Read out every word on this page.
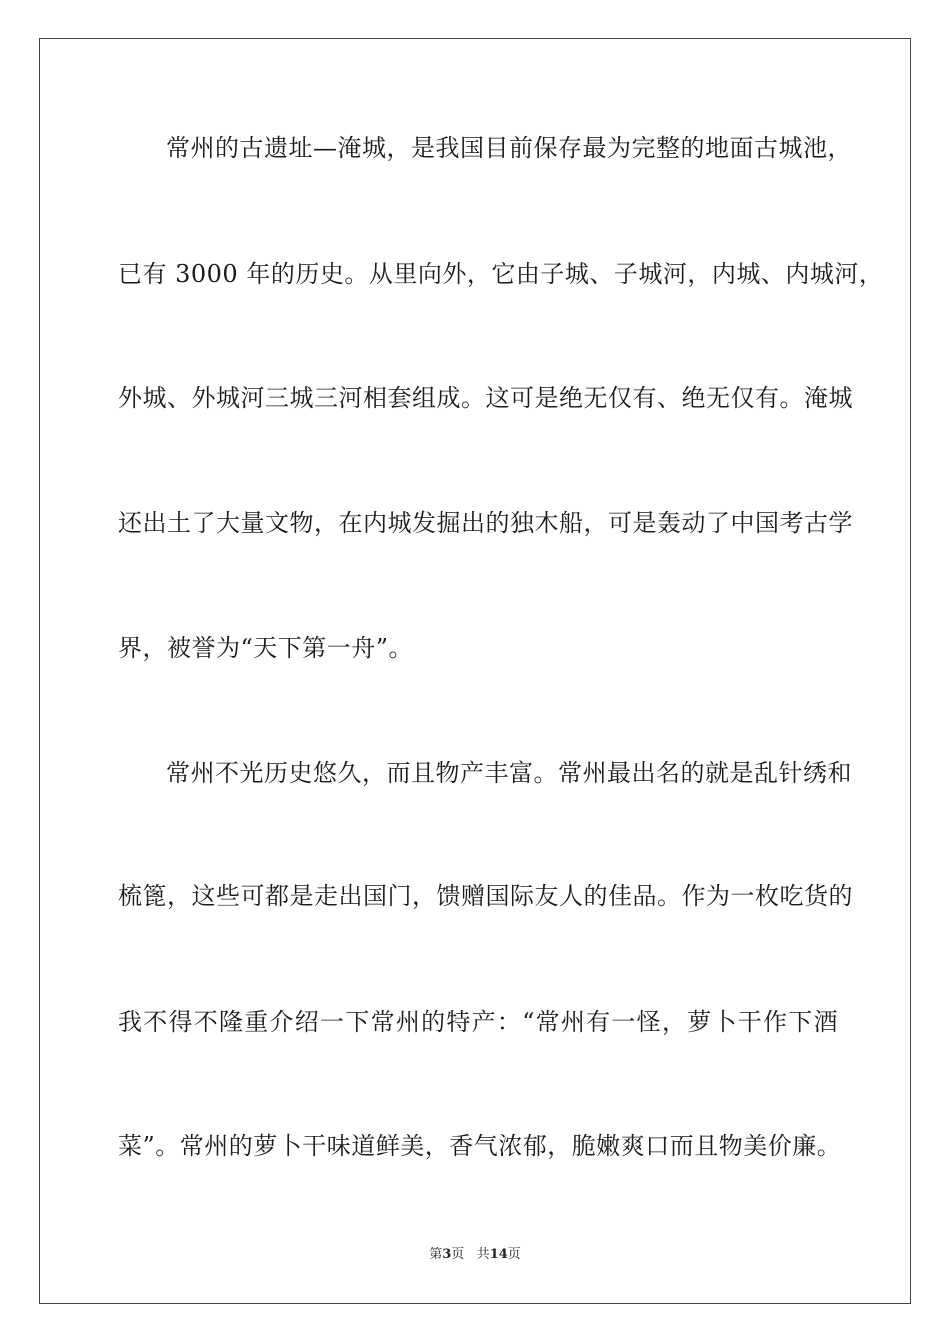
常州的古遗址—淹城，是我国目前保存最为完整的地面古城池，
已有 3000 年的历史。从里向外，它由子城、子城河，内城、内城河，
外城、外城河三城三河相套组成。这可是绝无仅有、绝无仅有。淹城
还出土了大量文物，在内城发掘出的独木船，可是轰动了中国考古学
界，被誉为“天下第一舟”。
常州不光历史悠久，而且物产丰富。常州最出名的就是乱针绣和
梳篦，这些可都是走出国门，馈赠国际友人的佳品。作为一枚吃货的
我不得不隆重介绍一下常州的特产：“常州有一怪，萝卜干作下酒
菜”。常州的萝卜干味道鲜美，香气浓郁，脆嫩爽口而且物美价廉。
第3页 共14页
